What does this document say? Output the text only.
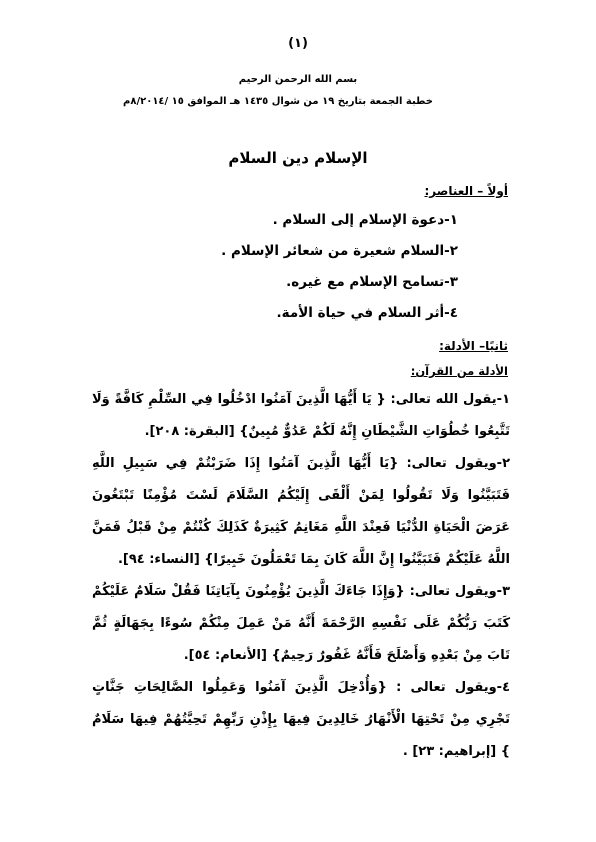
(١)
بسم الله الرحمن الرحيم
خطبة الجمعة بتاريخ ١٩ من شوال ١٤٣٥ هـ الموافق ١٥ /٨/٢٠١٤م
الإسلام دين السلام
أولاً – العناصر:
١-دعوة الإسلام إلى السلام .
٢-السلام شعيرة من شعائر الإسلام .
٣-تسامح الإسلام مع غيره.
٤-أثر السلام في حياة الأمة.
ثانيًا– الأدلة:
الأدلة من القرآن:
١-يقول الله تعالى: { يَا أَيُّهَا الَّذِينَ آمَنُوا ادْخُلُوا فِي السِّلْمِ كَافَّةً وَلَا تَتَّبِعُوا خُطُوَاتِ الشَّيْطَانِ إِنَّهُ لَكُمْ عَدُوٌّ مُبِينٌ} [البقرة: ٢٠٨].
٢-ويقول تعالى: {يَا أَيُّهَا الَّذِينَ آمَنُوا إِذَا ضَرَبْتُمْ فِي سَبِيلِ اللَّهِ فَتَبَيَّنُوا وَلَا تَقُولُوا لِمَنْ أَلْقَى إِلَيْكُمُ السَّلَامَ لَسْتَ مُؤْمِنًا تَبْتَغُونَ عَرَضَ الْحَيَاةِ الدُّنْيَا فَعِنْدَ اللَّهِ مَغَانِمُ كَثِيرَةٌ كَذَلِكَ كُنْتُمْ مِنْ قَبْلُ فَمَنَّ اللَّهُ عَلَيْكُمْ فَتَبَيَّنُوا إِنَّ اللَّهَ كَانَ بِمَا تَعْمَلُونَ خَبِيرًا} [النساء: ٩٤].
٣-ويقول تعالى: {وَإِذَا جَاءَكَ الَّذِينَ يُؤْمِنُونَ بِآيَاتِنَا فَقُلْ سَلَامٌ عَلَيْكُمْ كَتَبَ رَبُّكُمْ عَلَى نَفْسِهِ الرَّحْمَةَ أَنَّهُ مَنْ عَمِلَ مِنْكُمْ سُوءًا بِجَهَالَةٍ ثُمَّ تَابَ مِنْ بَعْدِهِ وَأَصْلَحَ فَأَنَّهُ غَفُورٌ رَحِيمٌ} [الأنعام: ٥٤].
٤-ويقول تعالى : {وَأُدْخِلَ الَّذِينَ آمَنُوا وَعَمِلُوا الصَّالِحَاتِ جَنَّاتٍ تَجْرِي مِنْ تَحْتِهَا الْأَنْهَارُ خَالِدِينَ فِيهَا بِإِذْنِ رَبِّهِمْ تَحِيَّتُهُمْ فِيهَا سَلَامٌ } [إبراهيم: ٢٣] .
